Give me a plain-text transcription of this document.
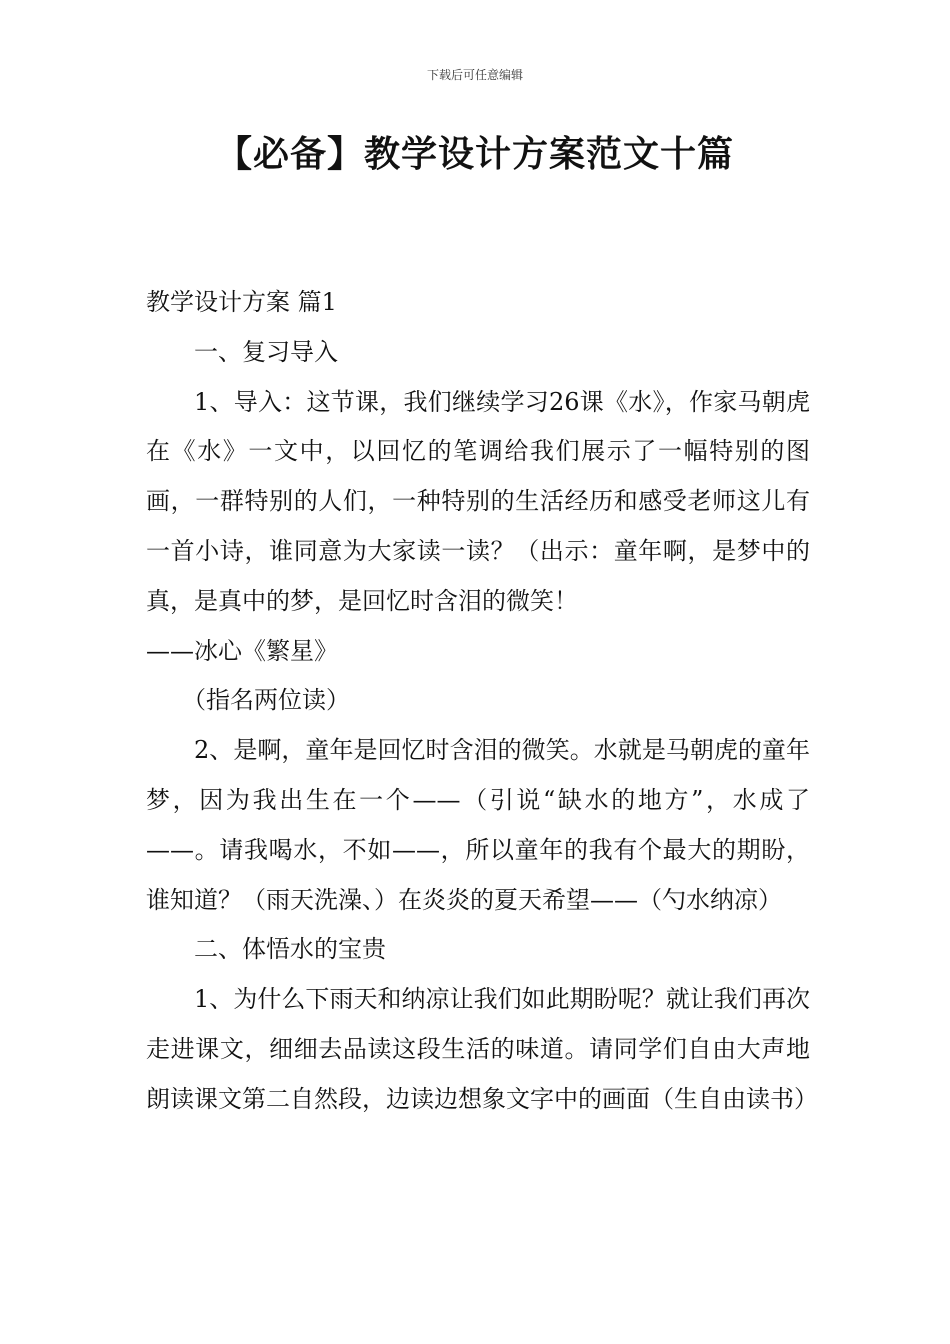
下载后可任意编辑
【必备】教学设计方案范文十篇

教学设计方案 篇1

一、复习导入

1、导入：这节课，我们继续学习26课《水》，作家马朝虎在《水》一文中，以回忆的笔调给我们展示了一幅特别的图画，一群特别的人们，一种特别的生活经历和感受老师这儿有一首小诗，谁同意为大家读一读？（出示：童年啊，是梦中的真，是真中的梦，是回忆时含泪的微笑！

——冰心《繁星》

（指名两位读）

2、是啊，童年是回忆时含泪的微笑。水就是马朝虎的童年梦，因为我出生在一个——（引说“缺水的地方”，水成了——。请我喝水，不如——，所以童年的我有个最大的期盼，谁知道？（雨天洗澡、）在炎炎的夏天希望——（勺水纳凉）

二、体悟水的宝贵

1、为什么下雨天和纳凉让我们如此期盼呢？就让我们再次走进课文，细细去品读这段生活的味道。请同学们自由大声地朗读课文第二自然段，边读边想象文字中的画面（生自由读书）
